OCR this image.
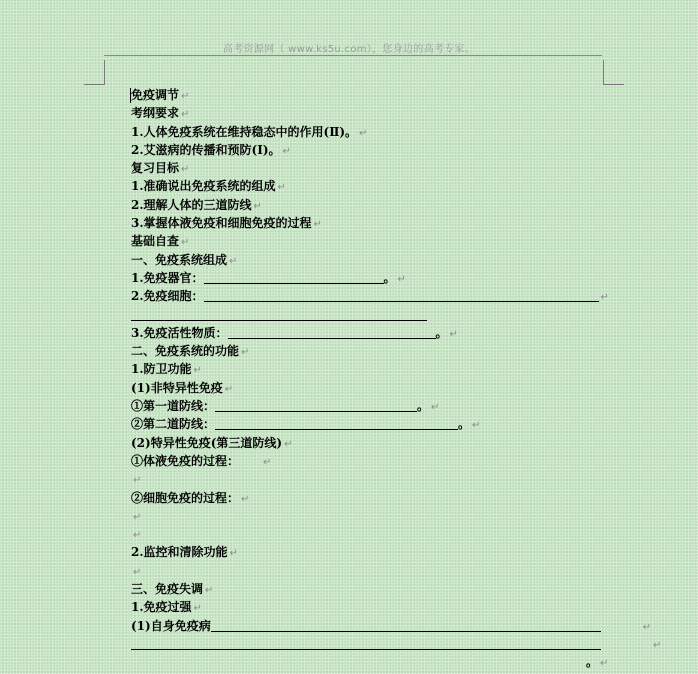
高考资源网（ www.ks5u.com），您身边的高考专家。
免疫调节 ↵
考纲要求 ↵
1.人体免疫系统在维持稳态中的作用(Ⅱ)。 ↵
2.艾滋病的传播和预防(Ⅰ)。 ↵
复习目标 ↵
1.准确说出免疫系统的组成 ↵
2.理解人体的三道防线 ↵
3.掌握体液免疫和细胞免疫的过程 ↵
基础自查 ↵
一、免疫系统组成 ↵
1.免疫器官：	。 ↵
2.免疫细胞：	↵
3.免疫活性物质：	。 ↵
二、免疫系统的功能 ↵
1.防卫功能 ↵
(1)非特异性免疫 ↵
①第一道防线：	。 ↵
②第二道防线：	。 ↵
(2)特异性免疫(第三道防线) ↵
①体液免疫的过程： ↵
↵
②细胞免疫的过程： ↵
↵
↵
2.监控和清除功能 ↵
↵
三、免疫失调 ↵
1.免疫过强 ↵
(1)自身免疫病	↵
↵
。 ↵
